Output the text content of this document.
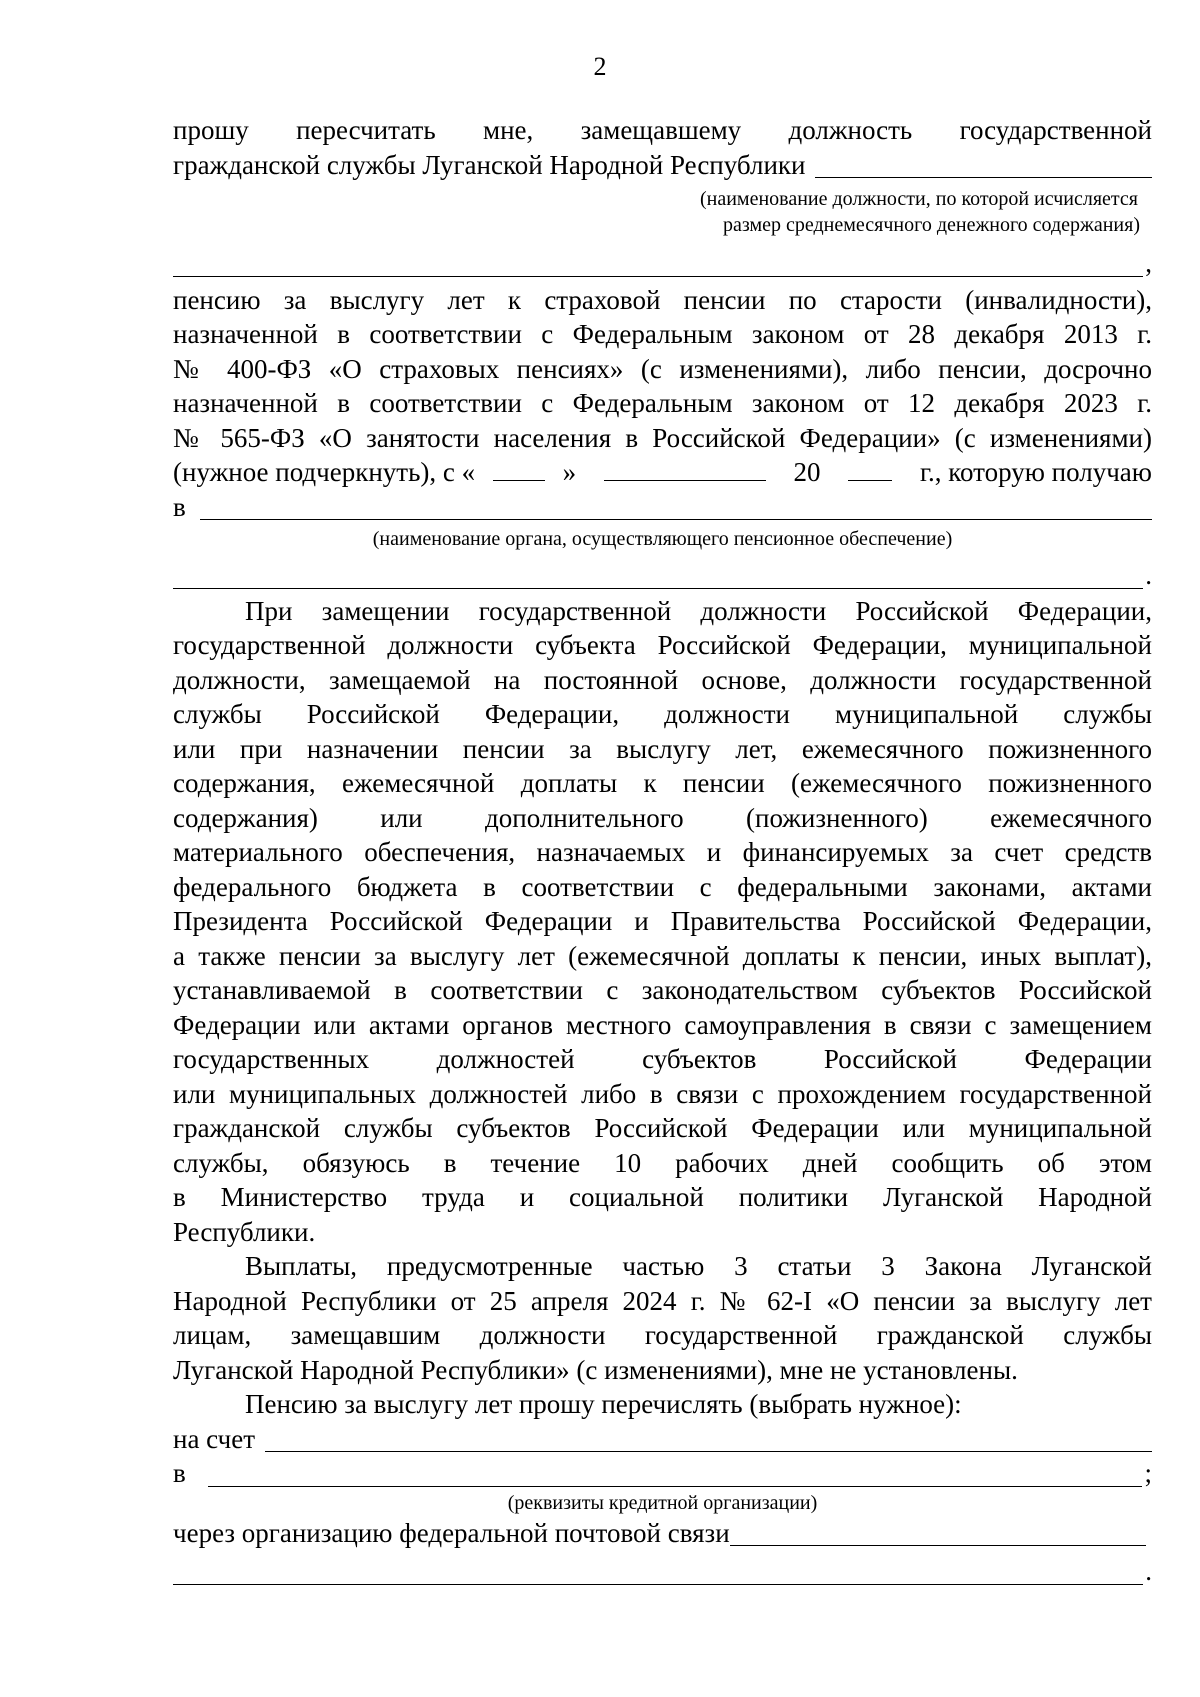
2
прошу пересчитать мне, замещавшему должность государственной
гражданской службы Луганской Народной Республики
(наименование должности, по которой исчисляется
размер среднемесячного денежного содержания)
,
пенсию за выслугу лет к страховой пенсии по старости (инвалидности),
назначенной в соответствии с Федеральным законом от 28 декабря 2013 г.
№ 400-ФЗ «О страховых пенсиях» (с изменениями), либо пенсии, досрочно
назначенной в соответствии с Федеральным законом от 12 декабря 2023 г.
№ 565-ФЗ «О занятости населения в Российской Федерации» (с изменениями)
(нужное подчеркнуть), с «	»	20	г., которую получаю
в
(наименование органа, осуществляющего пенсионное обеспечение)
.
При замещении государственной должности Российской Федерации,
государственной должности субъекта Российской Федерации, муниципальной
должности, замещаемой на постоянной основе, должности государственной
службы Российской Федерации, должности муниципальной службы
или при назначении пенсии за выслугу лет, ежемесячного пожизненного
содержания, ежемесячной доплаты к пенсии (ежемесячного пожизненного
содержания) или дополнительного (пожизненного) ежемесячного
материального обеспечения, назначаемых и финансируемых за счет средств
федерального бюджета в соответствии с федеральными законами, актами
Президента Российской Федерации и Правительства Российской Федерации,
а также пенсии за выслугу лет (ежемесячной доплаты к пенсии, иных выплат),
устанавливаемой в соответствии с законодательством субъектов Российской
Федерации или актами органов местного самоуправления в связи с замещением
государственных должностей субъектов Российской Федерации
или муниципальных должностей либо в связи с прохождением государственной
гражданской службы субъектов Российской Федерации или муниципальной
службы, обязуюсь в течение 10 рабочих дней сообщить об этом
в Министерство труда и социальной политики Луганской Народной
Республики.
Выплаты, предусмотренные частью 3 статьи 3 Закона Луганской
Народной Республики от 25 апреля 2024 г. № 62-I «О пенсии за выслугу лет
лицам, замещавшим должности государственной гражданской службы
Луганской Народной Республики» (с изменениями), мне не установлены.
Пенсию за выслугу лет прошу перечислять (выбрать нужное):
на счет
в	;
(реквизиты кредитной организации)
через организацию федеральной почтовой связи
.
